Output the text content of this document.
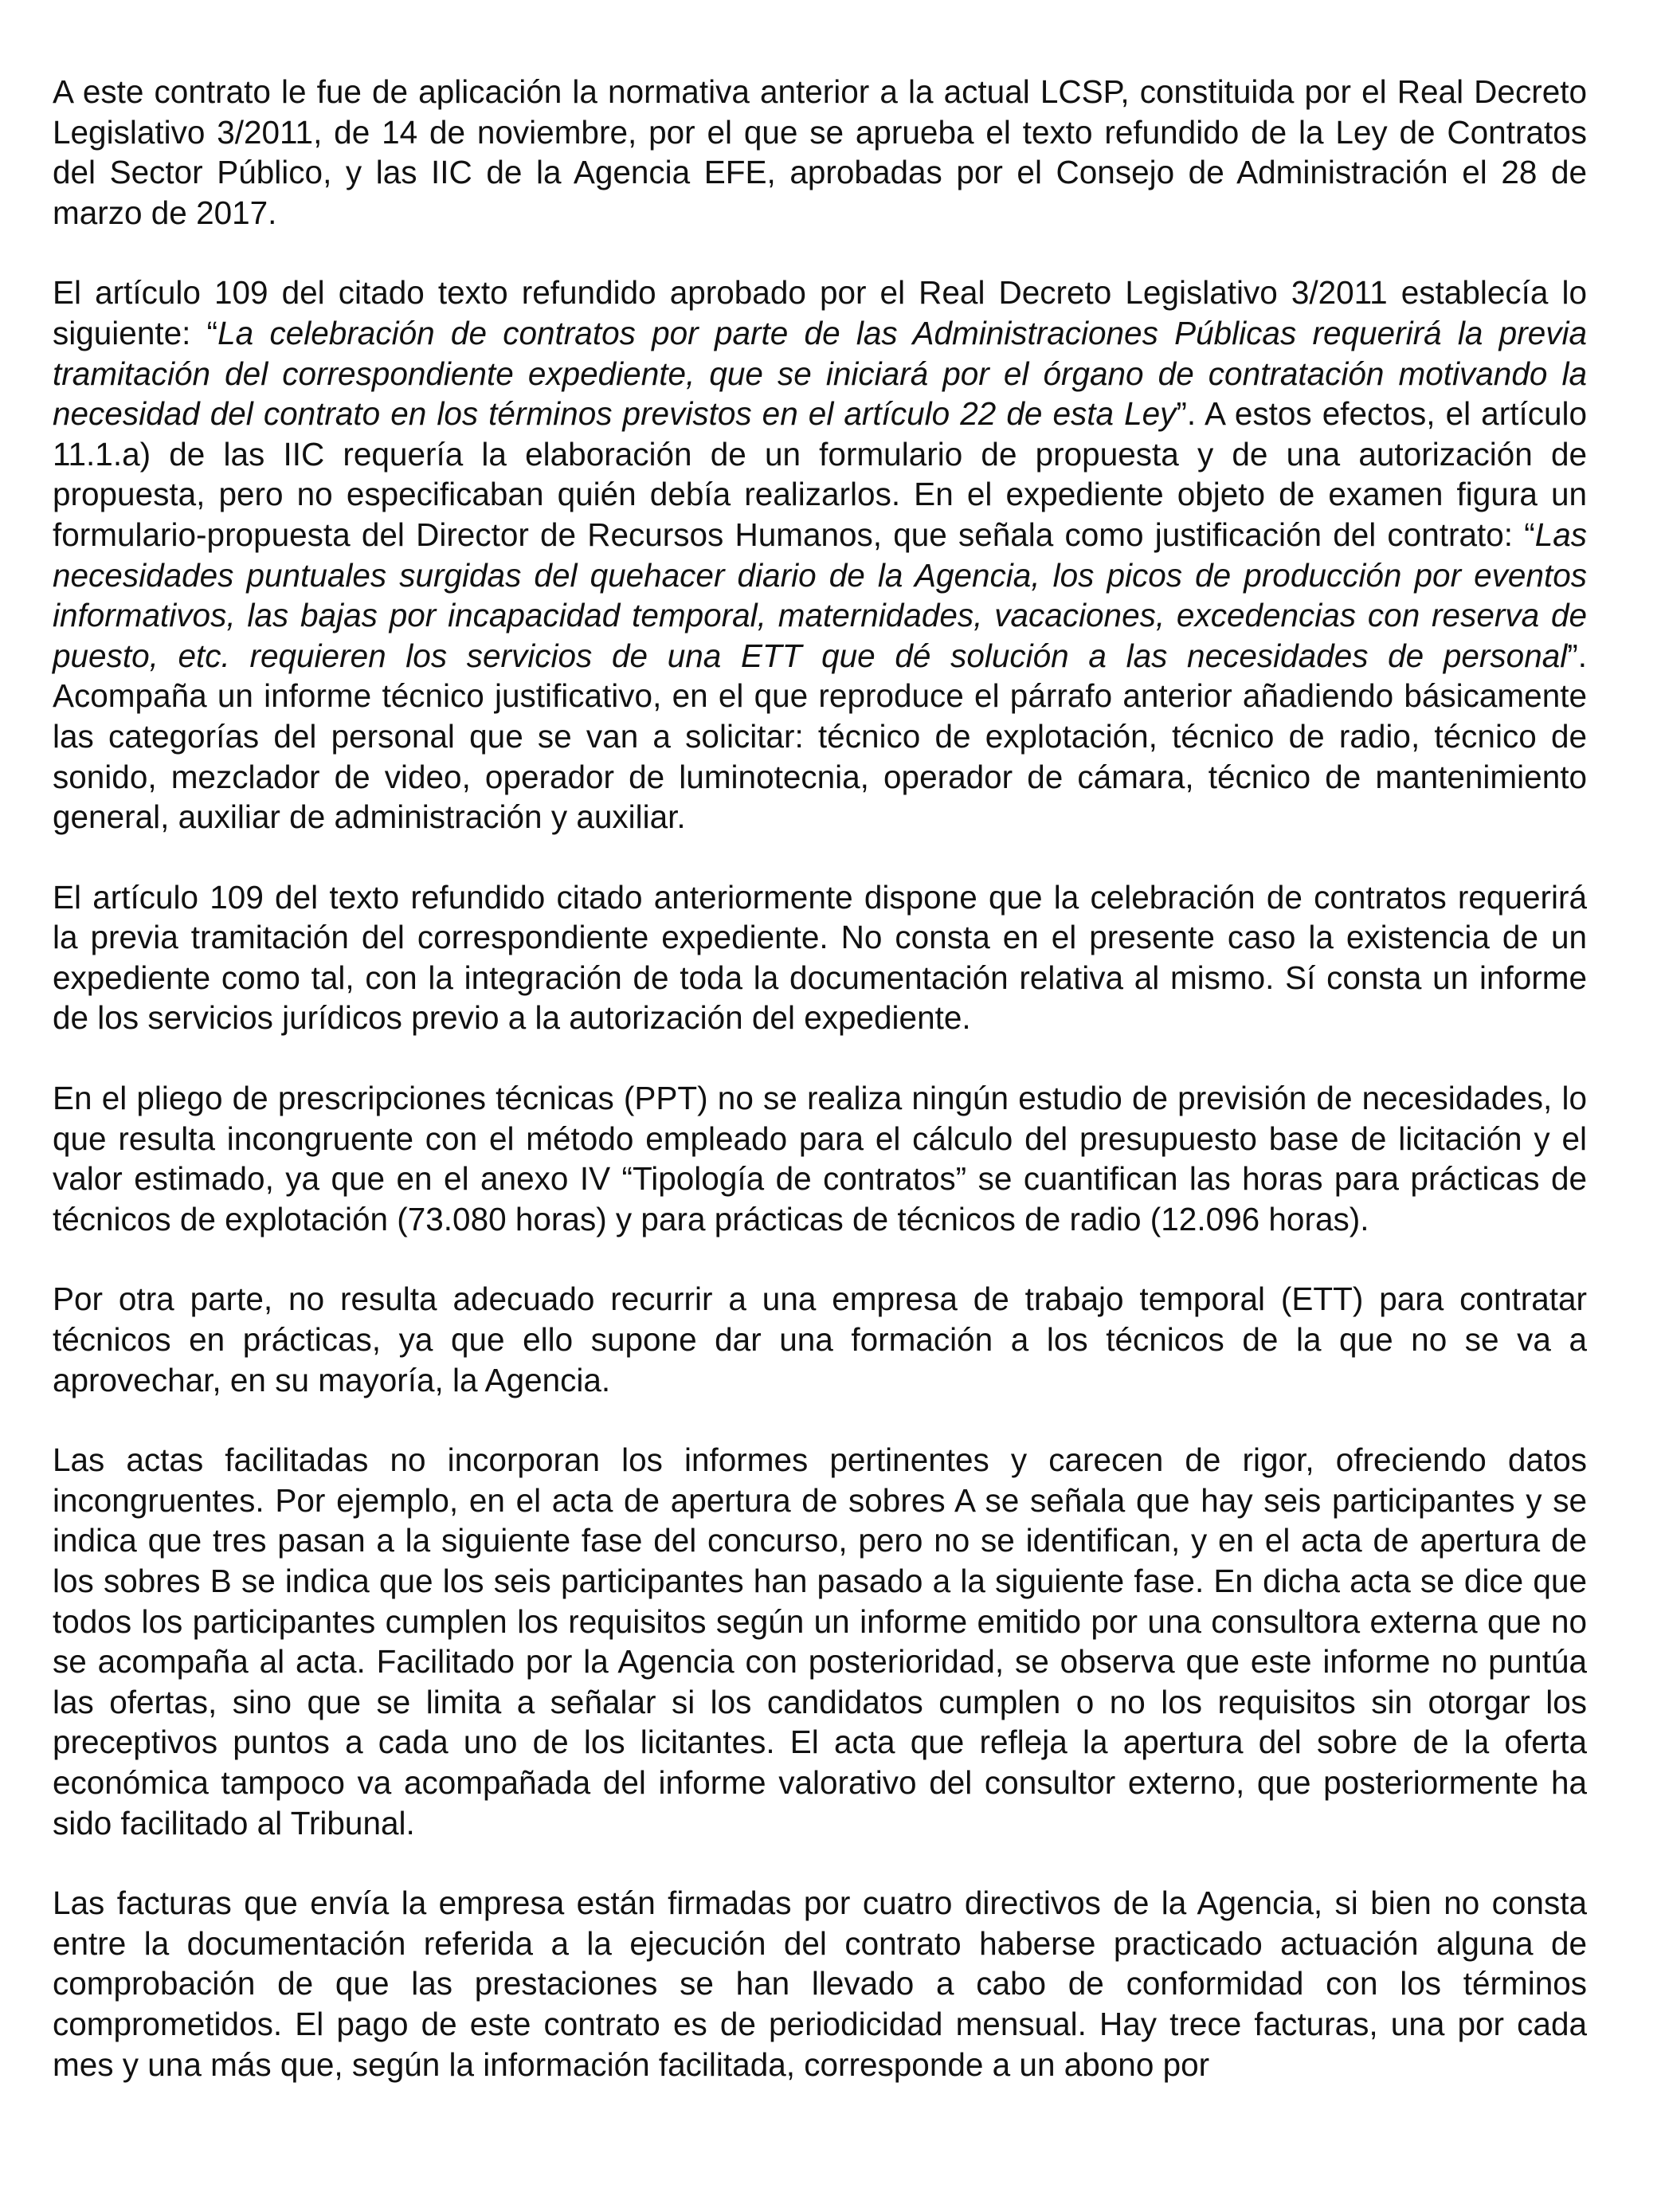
A este contrato le fue de aplicación la normativa anterior a la actual LCSP, constituida por el Real Decreto Legislativo 3/2011, de 14 de noviembre, por el que se aprueba el texto refundido de la Ley de Contratos del Sector Público, y las IIC de la Agencia EFE, aprobadas por el Consejo de Administración el 28 de marzo de 2017.

El artículo 109 del citado texto refundido aprobado por el Real Decreto Legislativo 3/2011 establecía lo siguiente: “La celebración de contratos por parte de las Administraciones Públicas requerirá la previa tramitación del correspondiente expediente, que se iniciará por el órgano de contratación motivando la necesidad del contrato en los términos previstos en el artículo 22 de esta Ley”. A estos efectos, el artículo 11.1.a) de las IIC requería la elaboración de un formulario de propuesta y de una autorización de propuesta, pero no especificaban quién debía realizarlos. En el expediente objeto de examen figura un formulario-propuesta del Director de Recursos Humanos, que señala como justificación del contrato: “Las necesidades puntuales surgidas del quehacer diario de la Agencia, los picos de producción por eventos informativos, las bajas por incapacidad temporal, maternidades, vacaciones, excedencias con reserva de puesto, etc. requieren los servicios de una ETT que dé solución a las necesidades de personal”. Acompaña un informe técnico justificativo, en el que reproduce el párrafo anterior añadiendo básicamente las categorías del personal que se van a solicitar: técnico de explotación, técnico de radio, técnico de sonido, mezclador de video, operador de luminotecnia, operador de cámara, técnico de mantenimiento general, auxiliar de administración y auxiliar.

El artículo 109 del texto refundido citado anteriormente dispone que la celebración de contratos requerirá la previa tramitación del correspondiente expediente. No consta en el presente caso la existencia de un expediente como tal, con la integración de toda la documentación relativa al mismo. Sí consta un informe de los servicios jurídicos previo a la autorización del expediente.

En el pliego de prescripciones técnicas (PPT) no se realiza ningún estudio de previsión de necesidades, lo que resulta incongruente con el método empleado para el cálculo del presupuesto base de licitación y el valor estimado, ya que en el anexo IV “Tipología de contratos” se cuantifican las horas para prácticas de técnicos de explotación (73.080 horas) y para prácticas de técnicos de radio (12.096 horas).

Por otra parte, no resulta adecuado recurrir a una empresa de trabajo temporal (ETT) para contratar técnicos en prácticas, ya que ello supone dar una formación a los técnicos de la que no se va a aprovechar, en su mayoría, la Agencia.

Las actas facilitadas no incorporan los informes pertinentes y carecen de rigor, ofreciendo datos incongruentes. Por ejemplo, en el acta de apertura de sobres A se señala que hay seis participantes y se indica que tres pasan a la siguiente fase del concurso, pero no se identifican, y en el acta de apertura de los sobres B se indica que los seis participantes han pasado a la siguiente fase. En dicha acta se dice que todos los participantes cumplen los requisitos según un informe emitido por una consultora externa que no se acompaña al acta. Facilitado por la Agencia con posterioridad, se observa que este informe no puntúa las ofertas, sino que se limita a señalar si los candidatos cumplen o no los requisitos sin otorgar los preceptivos puntos a cada uno de los licitantes. El acta que refleja la apertura del sobre de la oferta económica tampoco va acompañada del informe valorativo del consultor externo, que posteriormente ha sido facilitado al Tribunal.

Las facturas que envía la empresa están firmadas por cuatro directivos de la Agencia, si bien no consta entre la documentación referida a la ejecución del contrato haberse practicado actuación alguna de comprobación de que las prestaciones se han llevado a cabo de conformidad con los términos comprometidos. El pago de este contrato es de periodicidad mensual. Hay trece facturas, una por cada mes y una más que, según la información facilitada, corresponde a un abono por
